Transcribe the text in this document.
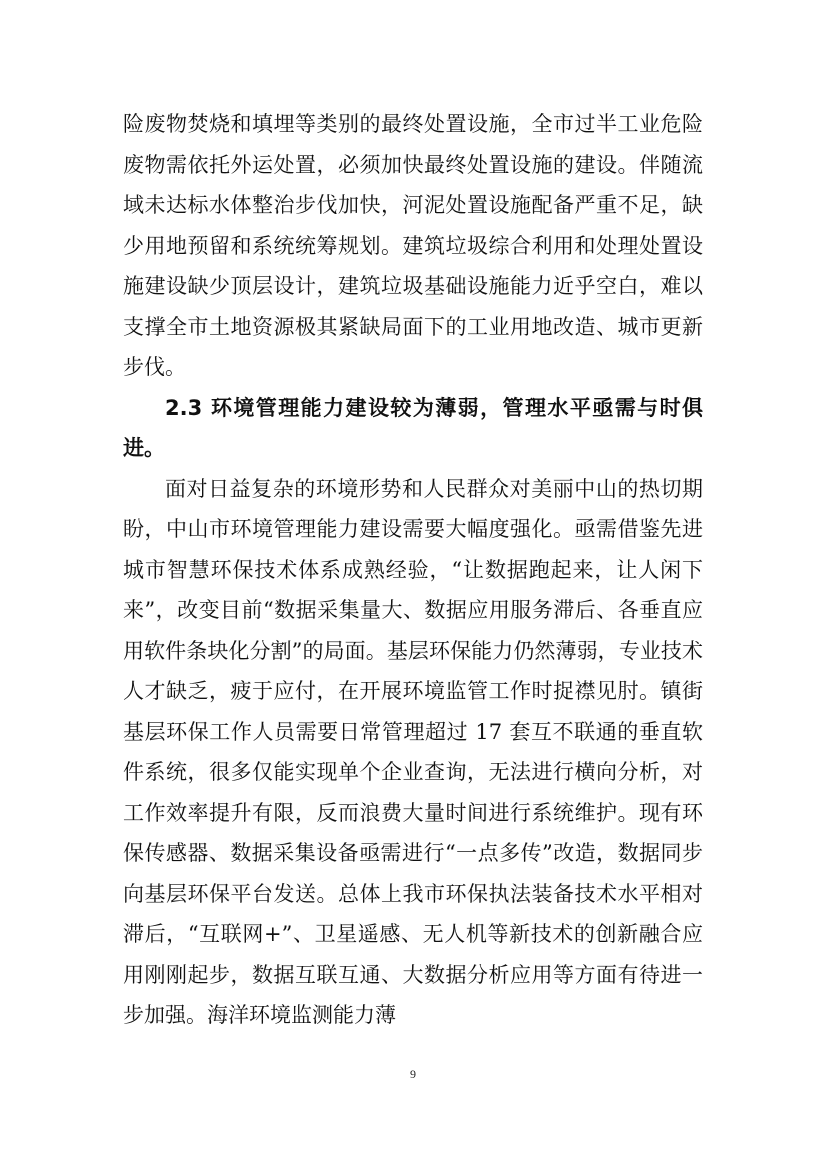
险废物焚烧和填埋等类别的最终处置设施，全市过半工业危险废物需依托外运处置，必须加快最终处置设施的建设。伴随流域未达标水体整治步伐加快，河泥处置设施配备严重不足，缺少用地预留和系统统筹规划。建筑垃圾综合利用和处理处置设施建设缺少顶层设计，建筑垃圾基础设施能力近乎空白，难以支撑全市土地资源极其紧缺局面下的工业用地改造、城市更新步伐。

2.3 环境管理能力建设较为薄弱，管理水平亟需与时俱进。

面对日益复杂的环境形势和人民群众对美丽中山的热切期盼，中山市环境管理能力建设需要大幅度强化。亟需借鉴先进城市智慧环保技术体系成熟经验，“让数据跑起来，让人闲下来”，改变目前“数据采集量大、数据应用服务滞后、各垂直应用软件条块化分割”的局面。基层环保能力仍然薄弱，专业技术人才缺乏，疲于应付，在开展环境监管工作时捉襟见肘。镇街基层环保工作人员需要日常管理超过 17 套互不联通的垂直软件系统，很多仅能实现单个企业查询，无法进行横向分析，对工作效率提升有限，反而浪费大量时间进行系统维护。现有环保传感器、数据采集设备亟需进行“一点多传”改造，数据同步向基层环保平台发送。总体上我市环保执法装备技术水平相对滞后，“互联网+”、卫星遥感、无人机等新技术的创新融合应用刚刚起步，数据互联互通、大数据分析应用等方面有待进一步加强。海洋环境监测能力薄

9
